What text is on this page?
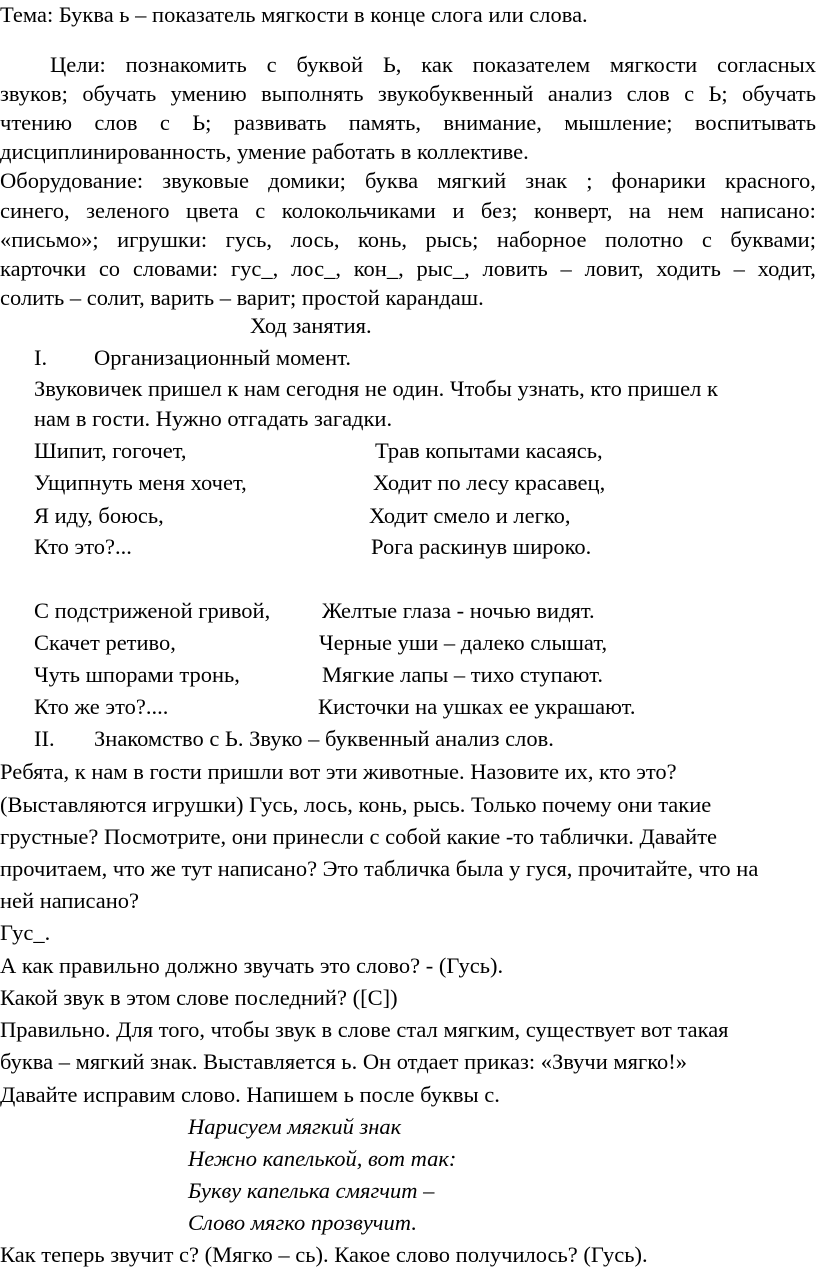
Тема: Буква ь – показатель мягкости в конце слога или слова.
Цели: познакомить с буквой Ь, как показателем мягкости согласных
звуков; обучать умению выполнять звукобуквенный анализ слов с Ь; обучать
чтению слов с Ь; развивать память, внимание, мышление; воспитывать
дисциплинированность, умение работать в коллективе.
Оборудование: звуковые домики; буква мягкий знак ; фонарики красного,
синего, зеленого цвета с колокольчиками и без; конверт, на нем написано:
«письмо»; игрушки: гусь, лось, конь, рысь; наборное полотно с буквами;
карточки со словами: гус_, лос_, кон_, рыс_, ловить – ловит, ходить – ходит,
солить – солит, варить – варит; простой карандаш.
Ход занятия.
I. Организационный момент.
Звуковичек пришел к нам сегодня не один. Чтобы узнать, кто пришел к
нам в гости. Нужно отгадать загадки.
Шипит, гогочет,	Трав копытами касаясь,
Ущипнуть меня хочет,	Ходит по лесу красавец,
Я иду, боюсь,	Ходит смело и легко,
Кто это?...	Рога раскинув широко.
С подстриженой гривой, Желтые глаза - ночью видят.
Скачет ретиво,	Черные уши – далеко слышат,
Чуть шпорами тронь,	Мягкие лапы – тихо ступают.
Кто же это?....	Кисточки на ушках ее украшают.
II. Знакомство с Ь. Звуко – буквенный анализ слов.
Ребята, к нам в гости пришли вот эти животные. Назовите их, кто это?
(Выставляются игрушки) Гусь, лось, конь, рысь. Только почему они такие
грустные? Посмотрите, они принесли с собой какие -то таблички. Давайте
прочитаем, что же тут написано? Это табличка была у гуся, прочитайте, что на
ней написано?
Гус_.
А как правильно должно звучать это слово? - (Гусь).
Какой звук в этом слове последний? ([С])
Правильно. Для того, чтобы звук в слове стал мягким, существует вот такая
буква – мягкий знак. Выставляется ь. Он отдает приказ: «Звучи мягко!»
Давайте исправим слово. Напишем ь после буквы с.
Нарисуем мягкий знак
Нежно капелькой, вот так:
Букву капелька смягчит –
Слово мягко прозвучит.
Как теперь звучит с? (Мягко – сь). Какое слово получилось? (Гусь).
